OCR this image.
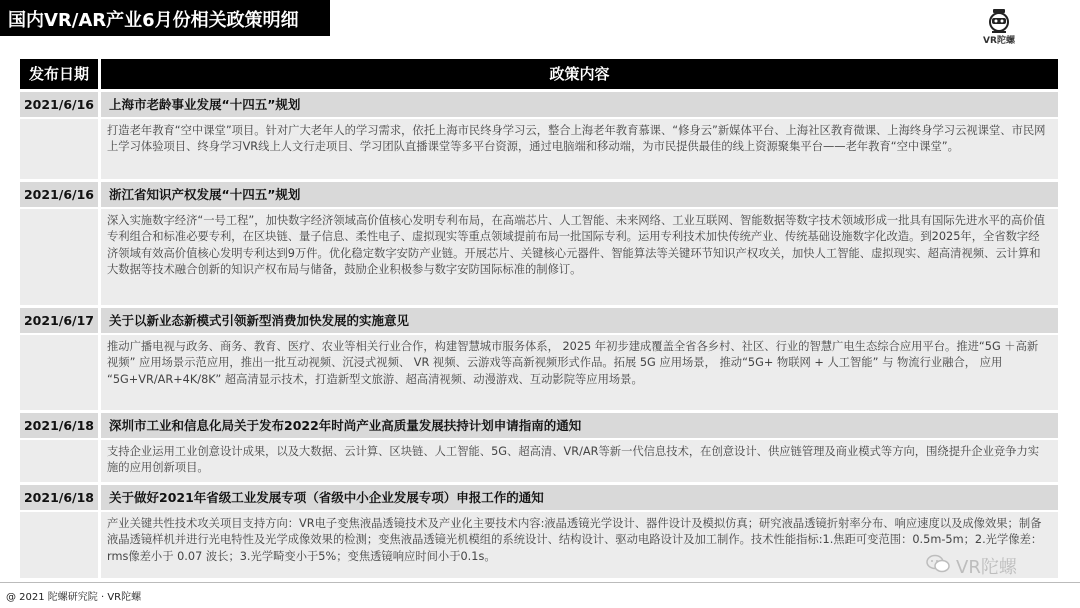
国内VR/AR产业6月份相关政策明细
VR陀螺
发布日期	政策内容
2021/6/16	上海市老龄事业发展“十四五”规划
打造老年教育“空中课堂”项目。针对广大老年人的学习需求，依托上海市民终身学习云，整合上海老年教育慕课、“修身云”新媒体平台、上海社区教育微课、上海终身学习云视课堂、市民网上学习体验项目、终身学习VR线上人文行走项目、学习团队直播课堂等多平台资源，通过电脑端和移动端，为市民提供最佳的线上资源聚集平台——老年教育“空中课堂”。
2021/6/16	浙江省知识产权发展“十四五”规划
深入实施数字经济“一号工程”，加快数字经济领域高价值核心发明专利布局，在高端芯片、人工智能、未来网络、工业互联网、智能数据等数字技术领域形成一批具有国际先进水平的高价值专利组合和标准必要专利，在区块链、量子信息、柔性电子、虚拟现实等重点领域提前布局一批国际专利。运用专利技术加快传统产业、传统基础设施数字化改造。到2025年，全省数字经济领域有效高价值核心发明专利达到9万件。优化稳定数字安防产业链。开展芯片、关键核心元器件、智能算法等关键环节知识产权攻关，加快人工智能、虚拟现实、超高清视频、云计算和大数据等技术融合创新的知识产权布局与储备，鼓励企业积极参与数字安防国际标准的制修订。
2021/6/17	关于以新业态新模式引领新型消费加快发展的实施意见
推动广播电视与政务、商务、教育、医疗、农业等相关行业合作，构建智慧城市服务体系， 2025 年初步建成覆盖全省各乡村、社区、行业的智慧广电生态综合应用平台。推进“5G ＋高新视频” 应用场景示范应用，推出一批互动视频、沉浸式视频、 VR 视频、云游戏等高新视频形式作品。拓展 5G 应用场景， 推动“5G+ 物联网 + 人工智能” 与 物流行业融合， 应用 “5G+VR/AR+4K/8K” 超高清显示技术，打造新型文旅游、超高清视频、动漫游戏、互动影院等应用场景。
2021/6/18	深圳市工业和信息化局关于发布2022年时尚产业高质量发展扶持计划申请指南的通知
支持企业运用工业创意设计成果，以及大数据、云计算、区块链、人工智能、5G、超高清、VR/AR等新一代信息技术，在创意设计、供应链管理及商业模式等方向，围绕提升企业竞争力实施的应用创新项目。
2021/6/18	关于做好2021年省级工业发展专项（省级中小企业发展专项）申报工作的通知
产业关键共性技术攻关项目支持方向：VR电子变焦液晶透镜技术及产业化主要技术内容:液晶透镜光学设计、器件设计及模拟仿真；研究液晶透镜折射率分布、响应速度以及成像效果；制备液晶透镜样机并进行光电特性及光学成像效果的检测；变焦液晶透镜光机模组的系统设计、结构设计、驱动电路设计及加工制作。技术性能指标:1.焦距可变范围：0.5m-5m；2.光学像差： rms像差小于 0.07 波长；3.光学畸变小于5%；变焦透镜响应时间小于0.1s。
@ 2021 陀螺研究院 · VR陀螺
VR陀螺
